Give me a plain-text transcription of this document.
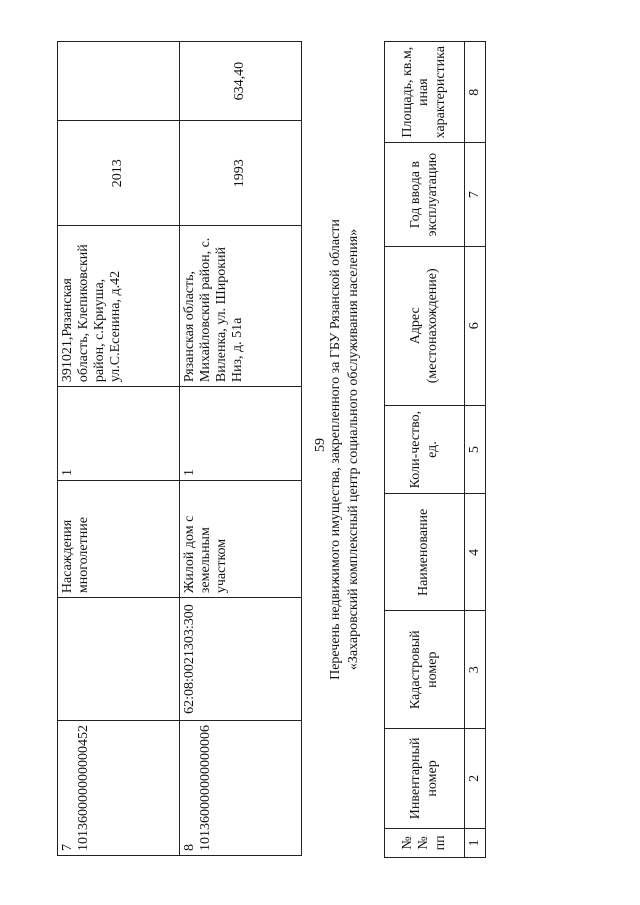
59
7 101360000000000452		Насаждения многолетние	1	391021,Рязанская область, Клепиковский район, с.Криуша, ул.С.Есенина, д.42	2013	
8 101360000000000006	62:08:0021303:300	Жилой дом с земельным участком	1	Рязанская область, Михайловский район, с. Виленка, ул. Широкий Низ, д. 51а	1993	634,40
Перечень недвижимого имущества, закрепленного за ГБУ Рязанской области «Захаровский комплексный центр социального обслуживания населения»
№ № пп	Инвентарный номер	Кадастровый номер	Наименование	Коли-чество, ед.	Адрес (местонахождение)	Год ввода в эксплуатацию	Площадь, кв.м, иная характеристика
1	2	3	4	5	6	7	8
